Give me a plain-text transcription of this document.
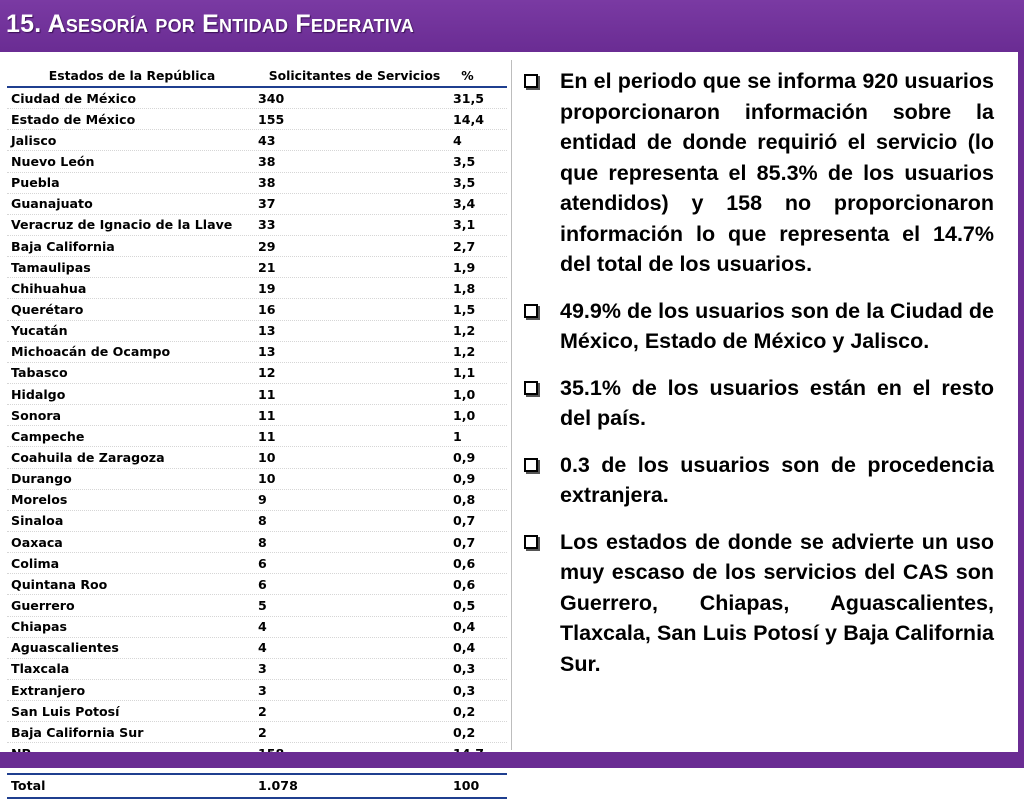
15. Asesoría por Entidad Federativa
Estados de la República	Solicitantes de Servicios	%
Ciudad de México	340	31,5
Estado de México	155	14,4
Jalisco	43	4
Nuevo León	38	3,5
Puebla	38	3,5
Guanajuato	37	3,4
Veracruz de Ignacio de la Llave	33	3,1
Baja California	29	2,7
Tamaulipas	21	1,9
Chihuahua	19	1,8
Querétaro	16	1,5
Yucatán	13	1,2
Michoacán de Ocampo	13	1,2
Tabasco	12	1,1
Hidalgo	11	1,0
Sonora	11	1,0
Campeche	11	1
Coahuila de Zaragoza	10	0,9
Durango	10	0,9
Morelos	9	0,8
Sinaloa	8	0,7
Oaxaca	8	0,7
Colima	6	0,6
Quintana Roo	6	0,6
Guerrero	5	0,5
Chiapas	4	0,4
Aguascalientes	4	0,4
Tlaxcala	3	0,3
Extranjero	3	0,3
San Luis Potosí	2	0,2
Baja California Sur	2	0,2
Total	1.078	100
En el periodo que se informa 920 usuarios proporcionaron información sobre la entidad de donde requirió el servicio (lo que representa el 85.3% de los usuarios atendidos) y 158 no proporcionaron información lo que representa el 14.7% del total de los usuarios.
49.9% de los usuarios son de la Ciudad de México, Estado de México y Jalisco.
35.1% de los usuarios están en el resto del país.
0.3 de los usuarios son de procedencia extranjera.
Los estados de donde se advierte un uso muy escaso de los servicios del CAS son Guerrero, Chiapas, Aguascalientes, Tlaxcala, San Luis Potosí y Baja California Sur.
